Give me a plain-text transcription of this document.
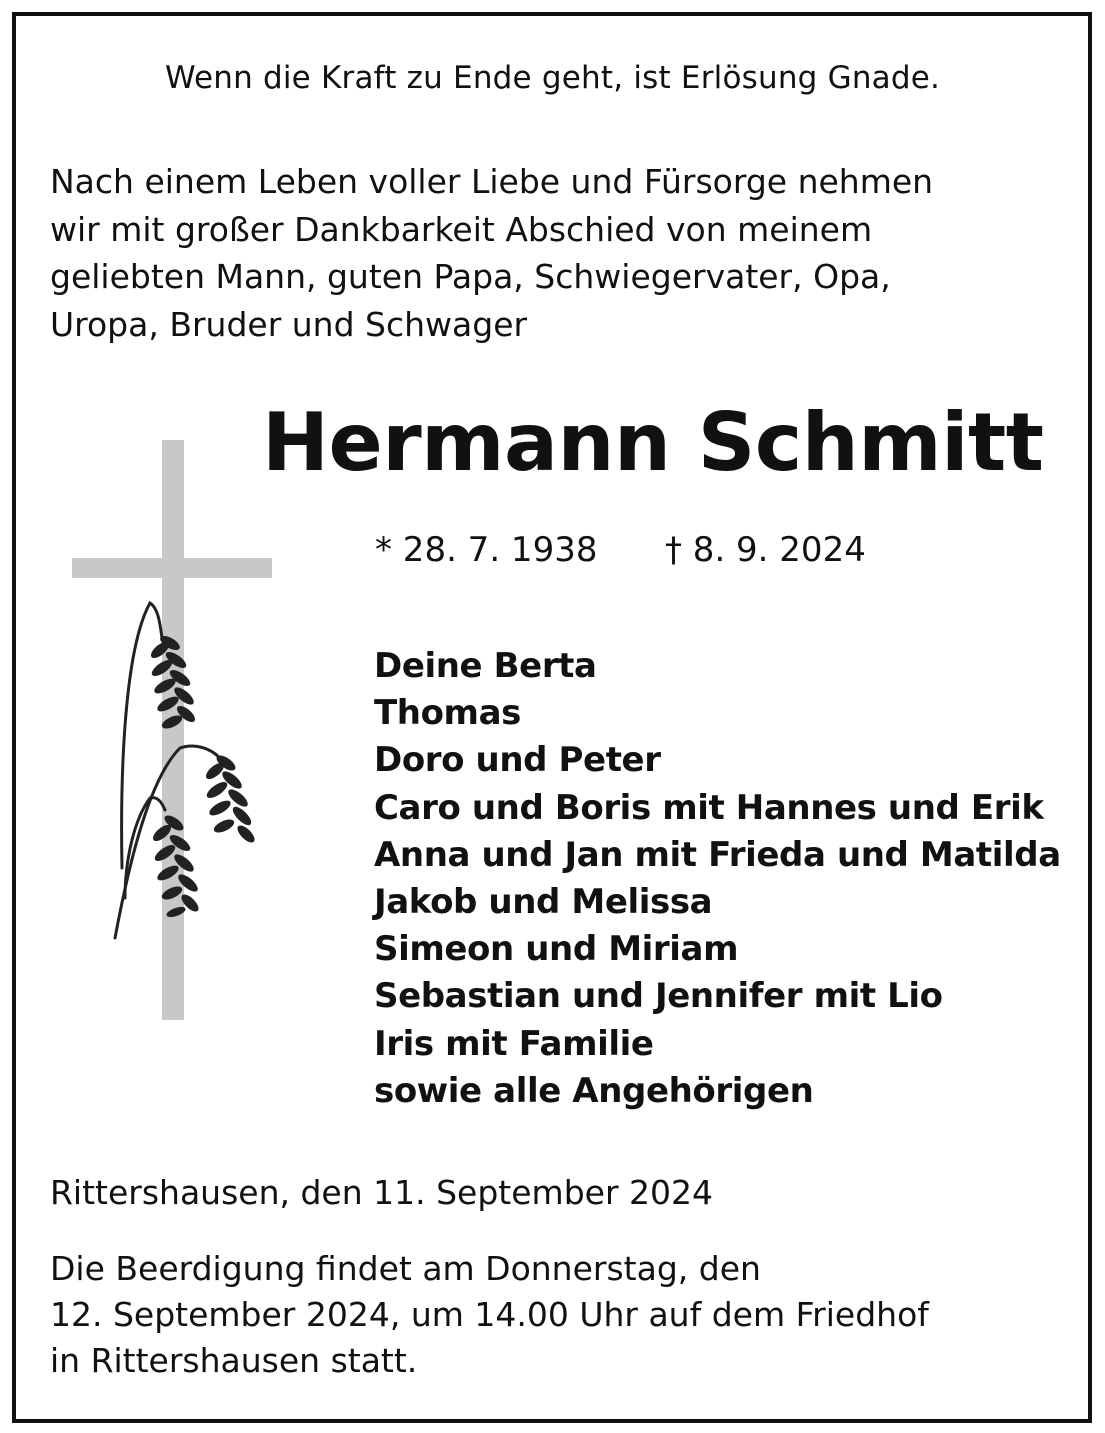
Wenn die Kraft zu Ende geht, ist Erlösung Gnade.
Nach einem Leben voller Liebe und Fürsorge nehmen
wir mit großer Dankbarkeit Abschied von meinem
geliebten Mann, guten Papa, Schwiegervater, Opa,
Uropa, Bruder und Schwager
Hermann Schmitt
* 28. 7. 1938 † 8. 9. 2024
Deine Berta
Thomas
Doro und Peter
Caro und Boris mit Hannes und Erik
Anna und Jan mit Frieda und Matilda
Jakob und Melissa
Simeon und Miriam
Sebastian und Jennifer mit Lio
Iris mit Familie
sowie alle Angehörigen
Rittershausen, den 11. September 2024
Die Beerdigung findet am Donnerstag, den
12. September 2024, um 14.00 Uhr auf dem Friedhof
in Rittershausen statt.
